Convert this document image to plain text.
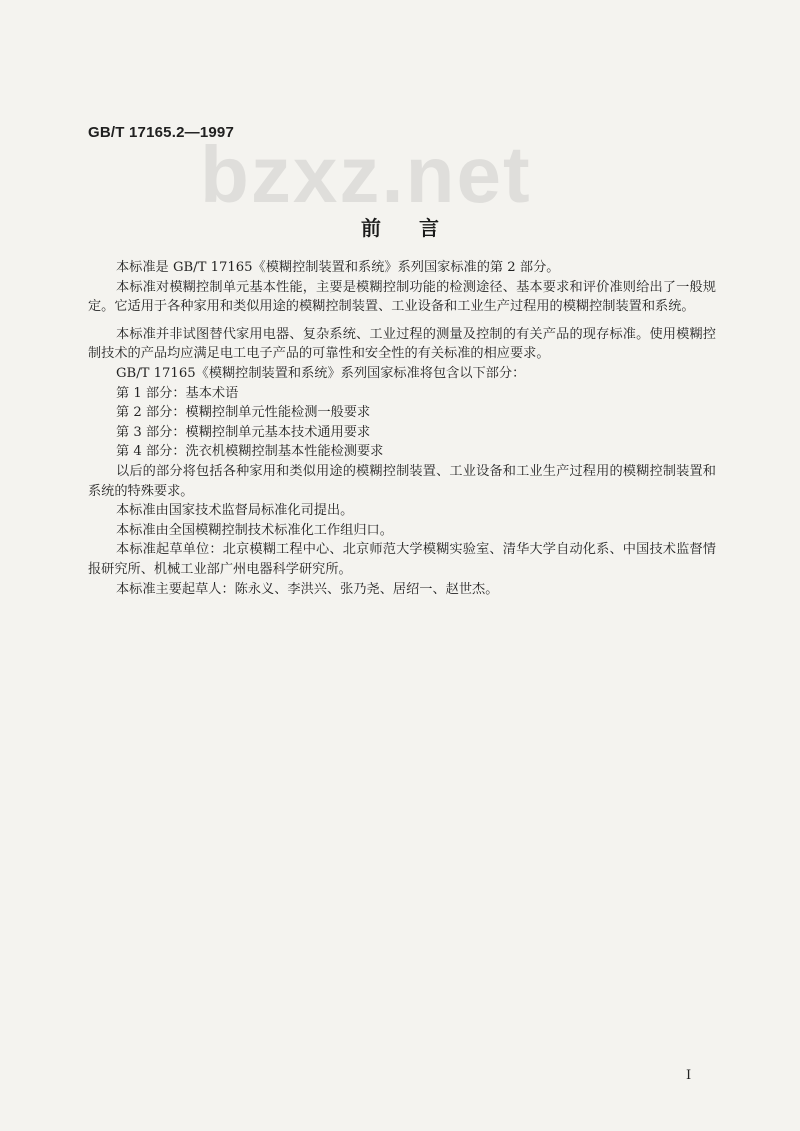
GB/T 17165.2—1997
bzxz.net
前言

本标准是 GB/T 17165《模糊控制装置和系统》系列国家标准的第 2 部分。

本标准对模糊控制单元基本性能，主要是模糊控制功能的检测途径、基本要求和评价准则给出了一般规定。它适用于各种家用和类似用途的模糊控制装置、工业设备和工业生产过程用的模糊控制装置和系统。

本标准并非试图替代家用电器、复杂系统、工业过程的测量及控制的有关产品的现存标准。使用模糊控制技术的产品均应满足电工电子产品的可靠性和安全性的有关标准的相应要求。

GB/T 17165《模糊控制装置和系统》系列国家标准将包含以下部分：

第 1 部分：基本术语

第 2 部分：模糊控制单元性能检测一般要求

第 3 部分：模糊控制单元基本技术通用要求

第 4 部分：洗衣机模糊控制基本性能检测要求

以后的部分将包括各种家用和类似用途的模糊控制装置、工业设备和工业生产过程用的模糊控制装置和系统的特殊要求。

本标准由国家技术监督局标准化司提出。

本标准由全国模糊控制技术标准化工作组归口。

本标准起草单位：北京模糊工程中心、北京师范大学模糊实验室、清华大学自动化系、中国技术监督情报研究所、机械工业部广州电器科学研究所。

本标准主要起草人：陈永义、李洪兴、张乃尧、居绍一、赵世杰。

I
